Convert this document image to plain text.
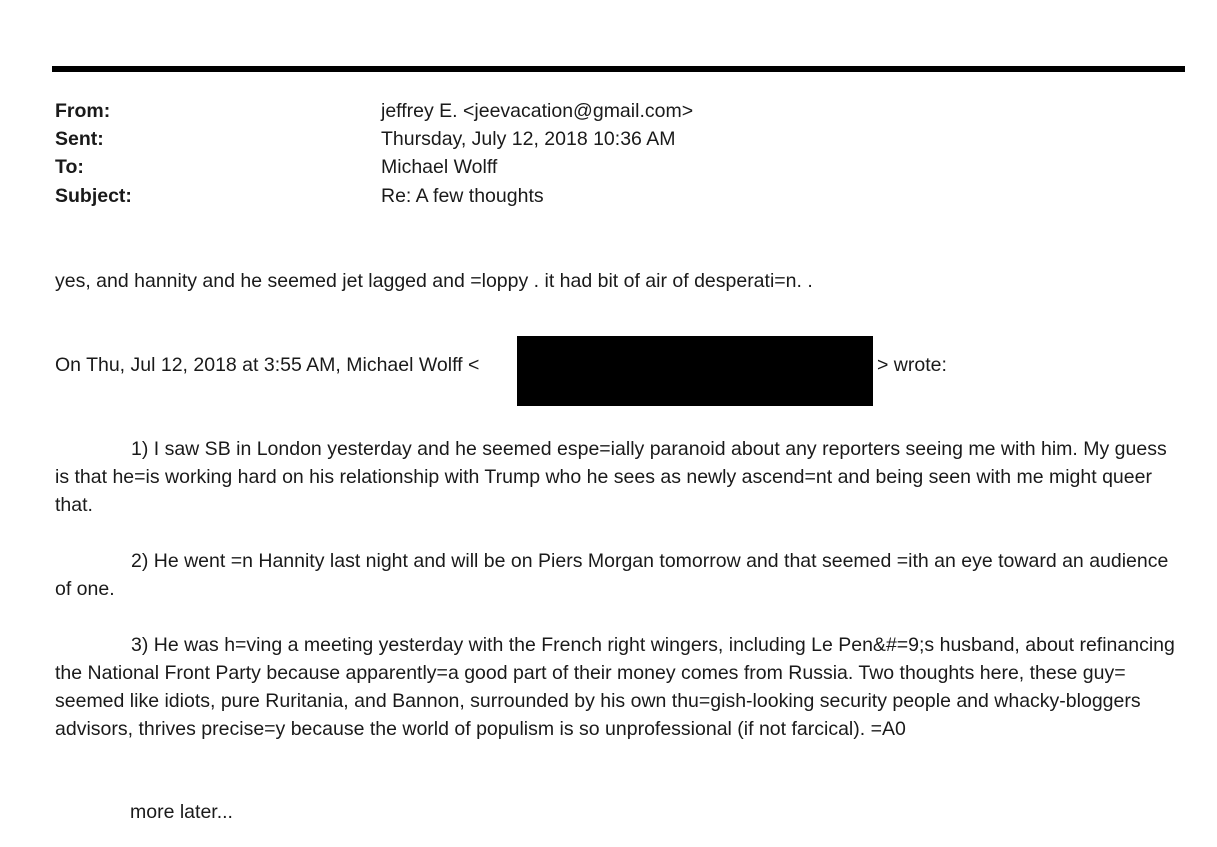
From:	jeffrey E. <jeevacation@gmail.com>
Sent:	Thursday, July 12, 2018 10:36 AM
To:	Michael Wolff
Subject:	Re: A few thoughts
yes, and hannity and he seemed jet lagged and =loppy . it had bit of air of desperati=n. .
On Thu, Jul 12, 2018 at 3:55 AM, Michael Wolff <	> wrote:
1) I saw SB in London yesterday and he seemed espe=ially paranoid about any reporters seeing me with him. My guess is that he=is working hard on his relationship with Trump who he sees as newly ascend=nt and being seen with me might queer that.
2) He went =n Hannity last night and will be on Piers Morgan tomorrow and that seemed =ith an eye toward an audience of one.
3) He was h=ving a meeting yesterday with the French right wingers, including Le Pen&#=9;s husband, about refinancing the National Front Party because apparently=a good part of their money comes from Russia. Two thoughts here, these guy= seemed like idiots, pure Ruritania, and Bannon, surrounded by his own thu=gish-looking security people and whacky-bloggers advisors, thrives precise=y because the world of populism is so unprofessional (if not farcical). =A0
more later...
